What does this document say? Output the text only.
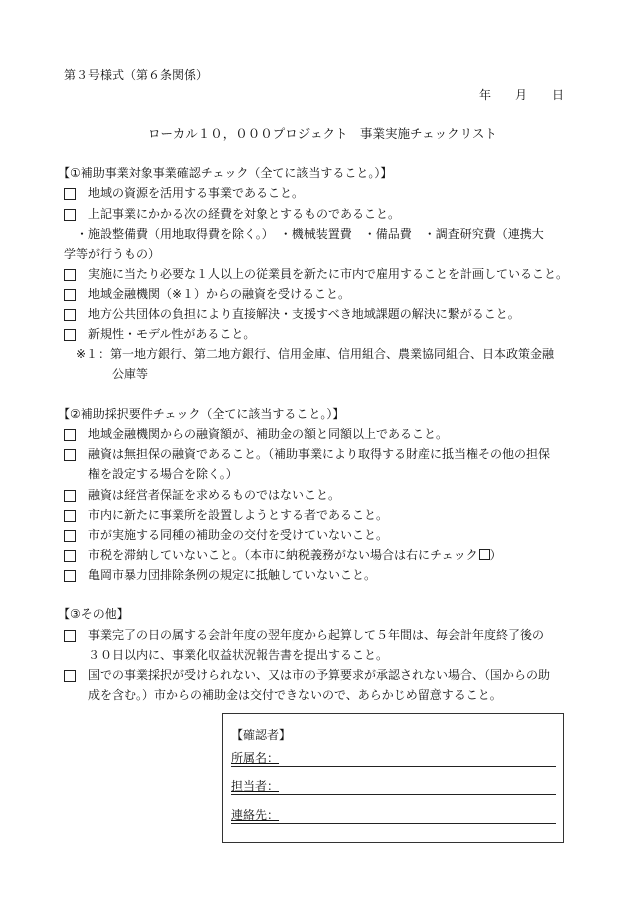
第３号様式（第６条関係）
年 月 日
ローカル１０，０００プロジェクト　事業実施チェックリスト
【①補助事業対象事業確認チェック（全てに該当すること。）】
地域の資源を活用する事業であること。
上記事業にかかる次の経費を対象とするものであること。
・施設整備費（用地取得費を除く。）　・機械装置費　・備品費　・調査研究費（連携大
学等が行うもの）
実施に当たり必要な１人以上の従業員を新たに市内で雇用することを計画していること。
地域金融機関（※１）からの融資を受けること。
地方公共団体の負担により直接解決・支援すべき地域課題の解決に繋がること。
新規性・モデル性があること。
※１：第一地方銀行、第二地方銀行、信用金庫、信用組合、農業協同組合、日本政策金融
公庫等
【②補助採択要件チェック（全てに該当すること。）】
地域金融機関からの融資額が、補助金の額と同額以上であること。
融資は無担保の融資であること。（補助事業により取得する財産に抵当権その他の担保
権を設定する場合を除く。）
融資は経営者保証を求めるものではないこと。
市内に新たに事業所を設置しようとする者であること。
市が実施する同種の補助金の交付を受けていないこと。
市税を滞納していないこと。（本市に納税義務がない場合は右にチェック ）
亀岡市暴力団排除条例の規定に抵触していないこと。
【③その他】
事業完了の日の属する会計年度の翌年度から起算して５年間は、毎会計年度終了後の
３０日以内に、事業化収益状況報告書を提出すること。
国での事業採択が受けられない、又は市の予算要求が承認されない場合、（国からの助
成を含む。）市からの補助金は交付できないので、あらかじめ留意すること。
【確認者】
所属名：
担当者：
連絡先：
